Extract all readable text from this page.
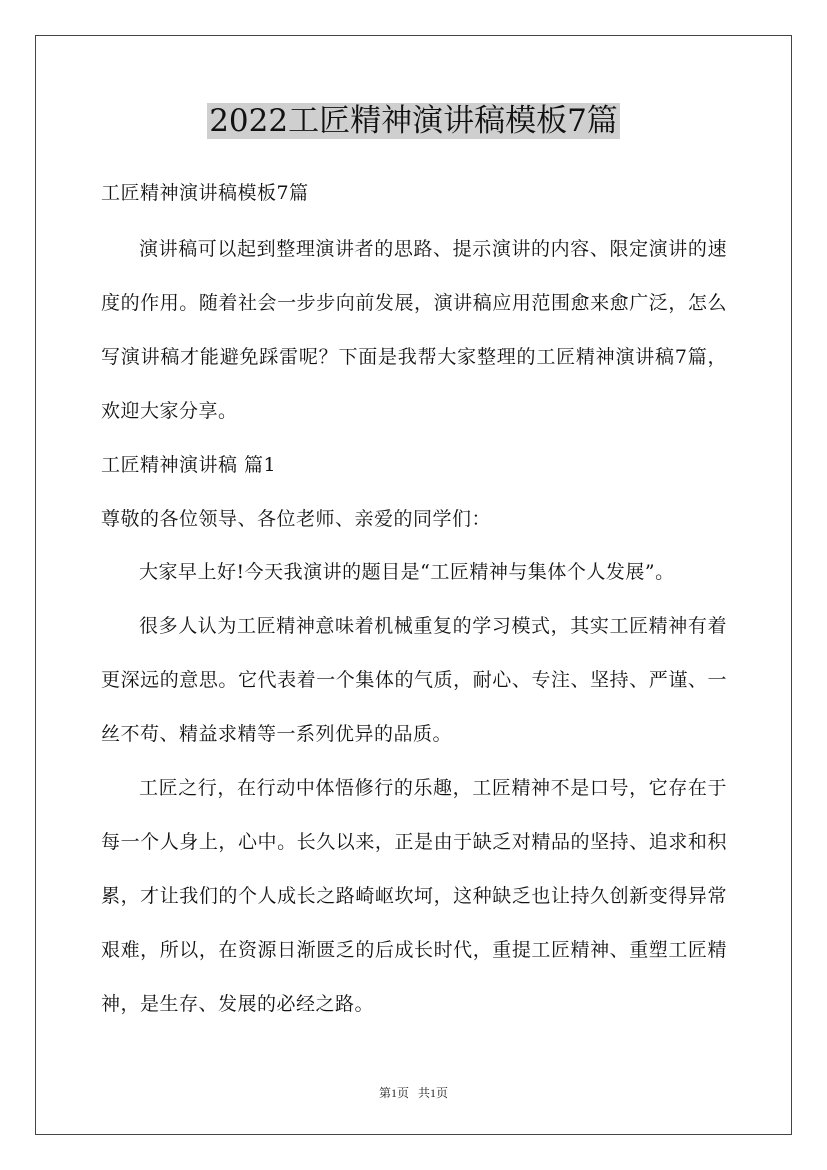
2022工匠精神演讲稿模板7篇

工匠精神演讲稿模板7篇

演讲稿可以起到整理演讲者的思路、提示演讲的内容、限定演讲的速度的作用。随着社会一步步向前发展，演讲稿应用范围愈来愈广泛，怎么写演讲稿才能避免踩雷呢？下面是我帮大家整理的工匠精神演讲稿7篇，欢迎大家分享。

工匠精神演讲稿 篇1

尊敬的各位领导、各位老师、亲爱的同学们：

大家早上好!今天我演讲的题目是“工匠精神与集体个人发展”。

很多人认为工匠精神意味着机械重复的学习模式，其实工匠精神有着更深远的意思。它代表着一个集体的气质，耐心、专注、坚持、严谨、一丝不苟、精益求精等一系列优异的品质。

工匠之行，在行动中体悟修行的乐趣，工匠精神不是口号，它存在于每一个人身上，心中。长久以来，正是由于缺乏对精品的坚持、追求和积累，才让我们的个人成长之路崎岖坎坷，这种缺乏也让持久创新变得异常艰难，所以，在资源日渐匮乏的后成长时代，重提工匠精神、重塑工匠精神，是生存、发展的必经之路。

第1页 共1页
